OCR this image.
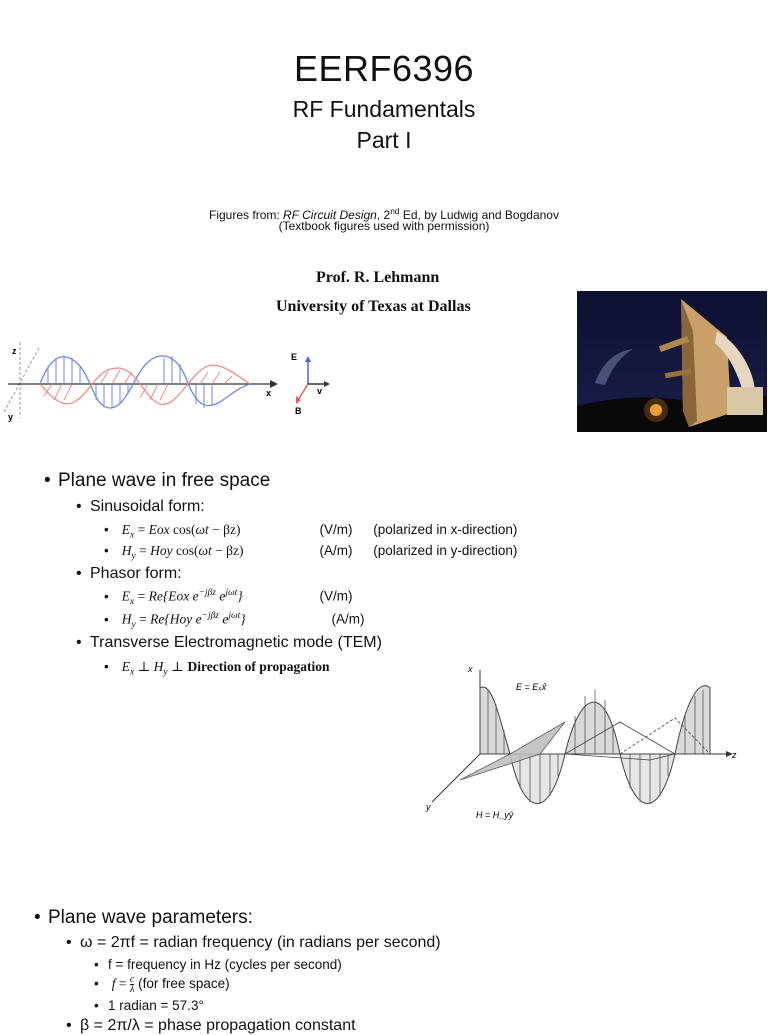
EERF6396
RF Fundamentals
Part I
Figures from: RF Circuit Design, 2nd Ed, by Ludwig and Bogdanov
(Textbook figures used with permission)
Prof. R. Lehmann
University of Texas at Dallas
z
y
x
E
v
B
• Plane wave in free space
• Sinusoidal form:
• $E_x$ = Eox cos(ωt − βz)	(V/m) (polarized in x-direction)
• $H_y$ = Hoy cos(ωt − βz)	(A/m) (polarized in y-direction)
• Phasor form:
• $E_x = Re\{Eox$ $e^{-j\beta z}$ $e^{j\omega t}$}	(V/m)
• $H_y = Re\{Hoy$ $e^{-j\beta z}$ $e^{j\omega t}$}	(A/m)
• Transverse Electromagnetic mode (TEM)
• $E_x$ ⊥ $H_y$ ⊥ Direction of propagation	x
y
z
E = Eₓx̂
H = H_yŷ
• Plane wave parameters:
• ω = 2πf = radian frequency (in radians per second)
• f = frequency in Hz (cycles per second)
• $f = \frac{c}{\lambda} (for$ free space)
• 1 radian = 57.3°
• β = 2π/λ = phase propagation constant
